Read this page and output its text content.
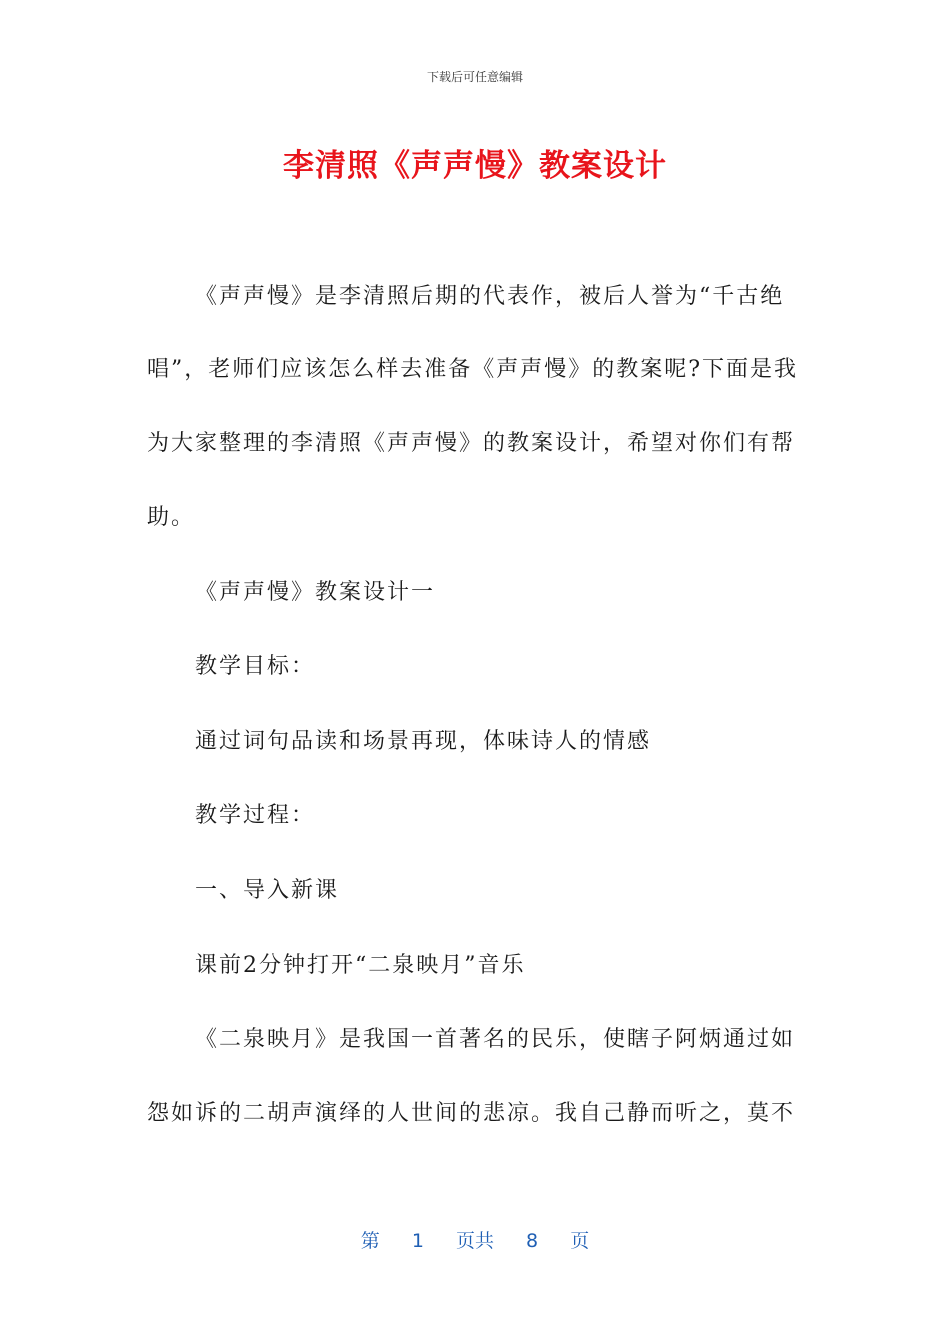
下载后可任意编辑
李清照《声声慢》教案设计
《声声慢》是李清照后期的代表作，被后人誉为“千古绝
唱”，老师们应该怎么样去准备《声声慢》的教案呢?下面是我
为大家整理的李清照《声声慢》的教案设计，希望对你们有帮
助。
《声声慢》教案设计一
教学目标：
通过词句品读和场景再现，体味诗人的情感
教学过程：
一、导入新课
课前2分钟打开“二泉映月”音乐
《二泉映月》是我国一首著名的民乐，使瞎子阿炳通过如
怨如诉的二胡声演绎的人世间的悲凉。我自己静而听之，莫不
第 1 页共 8 页
